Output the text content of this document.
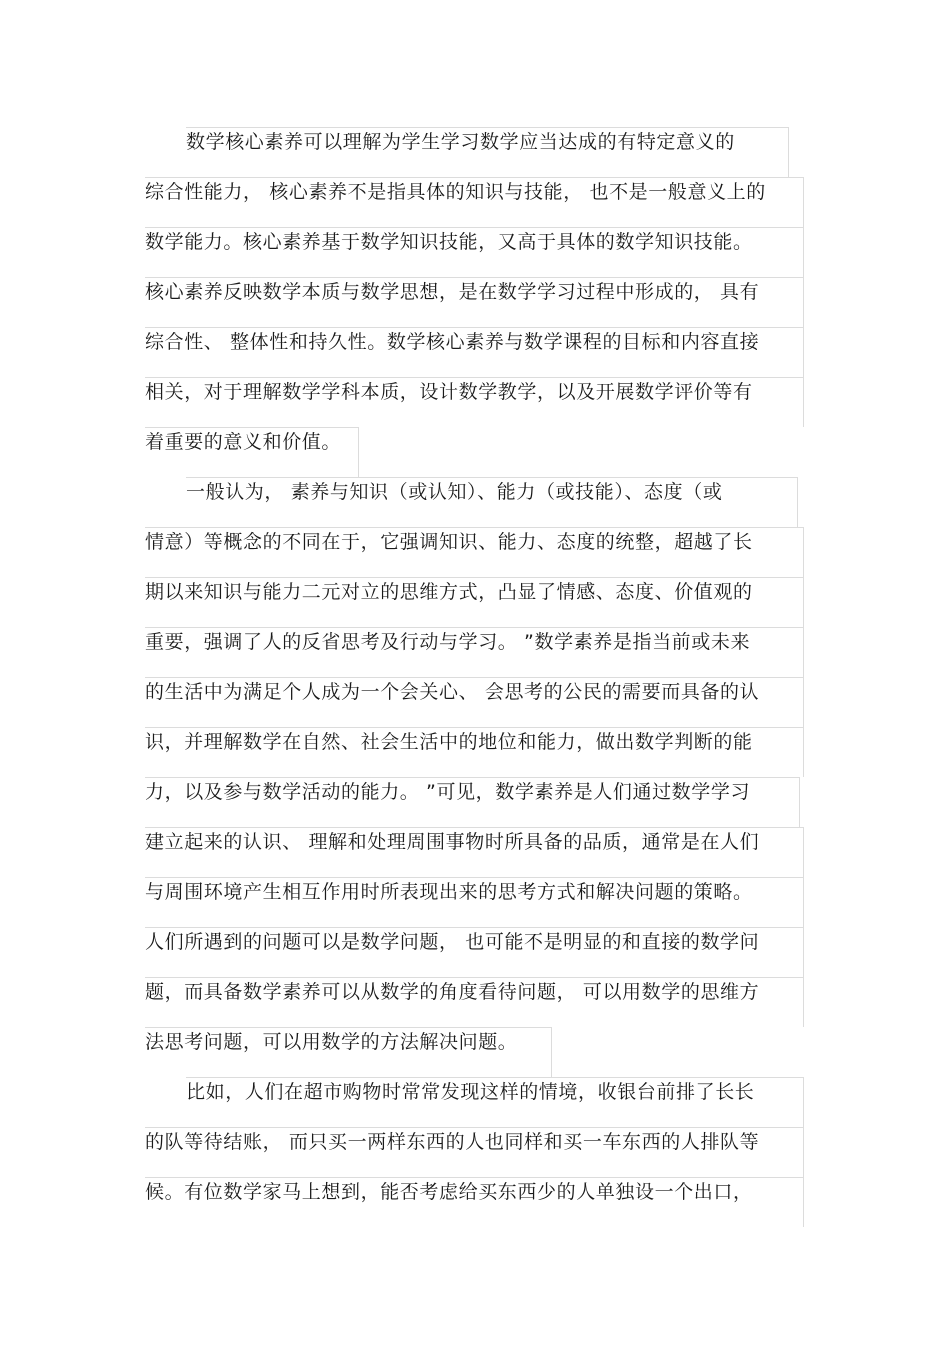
数学核心素养可以理解为学生学习数学应当达成的有特定意义的
综合性能力， 核心素养不是指具体的知识与技能， 也不是一般意义上的
数学能力。核心素养基于数学知识技能，又高于具体的数学知识技能。
核心素养反映数学本质与数学思想，是在数学学习过程中形成的， 具有
综合性、 整体性和持久性。数学核心素养与数学课程的目标和内容直接
相关，对于理解数学学科本质，设计数学教学，以及开展数学评价等有
着重要的意义和价值。
一般认为， 素养与知识（或认知）、能力（或技能）、态度（或
情意）等概念的不同在于，它强调知识、能力、态度的统整，超越了长
期以来知识与能力二元对立的思维方式，凸显了情感、态度、价值观的
重要，强调了人的反省思考及行动与学习。 ”数学素养是指当前或未来
的生活中为满足个人成为一个会关心、 会思考的公民的需要而具备的认
识，并理解数学在自然、社会生活中的地位和能力，做出数学判断的能
力，以及参与数学活动的能力。 ”可见，数学素养是人们通过数学学习
建立起来的认识、 理解和处理周围事物时所具备的品质，通常是在人们
与周围环境产生相互作用时所表现出来的思考方式和解决问题的策略。
人们所遇到的问题可以是数学问题， 也可能不是明显的和直接的数学问
题，而具备数学素养可以从数学的角度看待问题， 可以用数学的思维方
法思考问题，可以用数学的方法解决问题。
比如，人们在超市购物时常常发现这样的情境，收银台前排了长长
的队等待结账， 而只买一两样东西的人也同样和买一车东西的人排队等
候。有位数学家马上想到，能否考虑给买东西少的人单独设一个出口，
